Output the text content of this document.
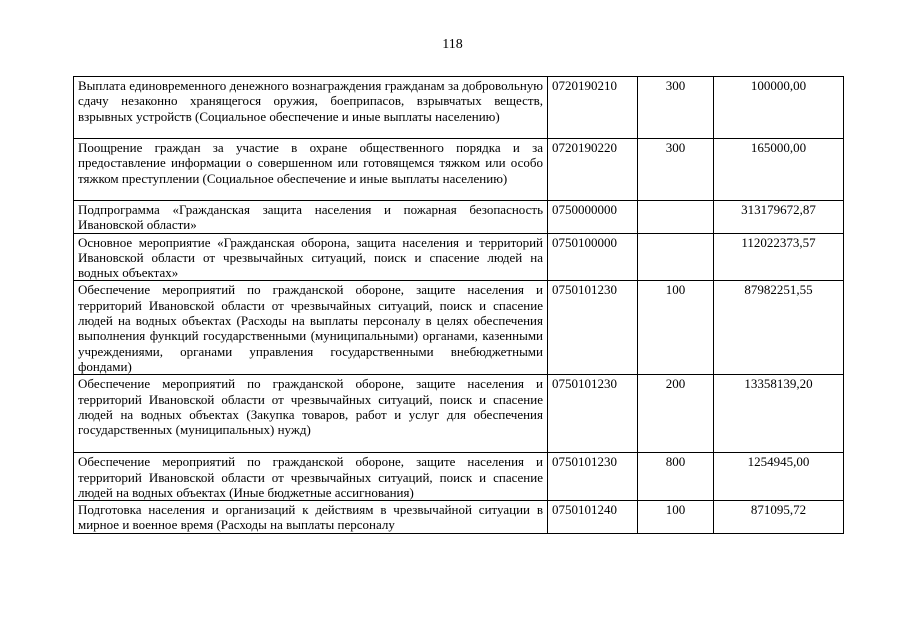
118
Выплата единовременного денежного вознаграждения гражданам за добровольную сдачу незаконно хранящегося оружия, боеприпасов, взрывчатых веществ, взрывных устройств (Социальное обеспечение и иные выплаты населению)	0720190210	300	100000,00
Поощрение граждан за участие в охране общественного порядка и за предоставление информации о совершенном или готовящемся тяжком или особо тяжком преступлении (Социальное обеспечение и иные выплаты населению)	0720190220	300	165000,00
Подпрограмма «Гражданская защита населения и пожарная безопасность Ивановской области»	0750000000		313179672,87
Основное мероприятие «Гражданская оборона, защита населения и территорий Ивановской области от чрезвычайных ситуаций, поиск и спасение людей на водных объектах»	0750100000		112022373,57
Обеспечение мероприятий по гражданской обороне, защите населения и территорий Ивановской области от чрезвычайных ситуаций, поиск и спасение людей на водных объектах (Расходы на выплаты персоналу в целях обеспечения выполнения функций государственными (муниципальными) органами, казенными учреждениями, органами управления государственными внебюджетными фондами)	0750101230	100	87982251,55
Обеспечение мероприятий по гражданской обороне, защите населения и территорий Ивановской области от чрезвычайных ситуаций, поиск и спасение людей на водных объектах (Закупка товаров, работ и услуг для обеспечения государственных (муниципальных) нужд)	0750101230	200	13358139,20
Обеспечение мероприятий по гражданской обороне, защите населения и территорий Ивановской области от чрезвычайных ситуаций, поиск и спасение людей на водных объектах (Иные бюджетные ассигнования)	0750101230	800	1254945,00
Подготовка населения и организаций к действиям в чрезвычайной ситуации в мирное и военное время (Расходы на выплаты персоналу	0750101240	100	871095,72
